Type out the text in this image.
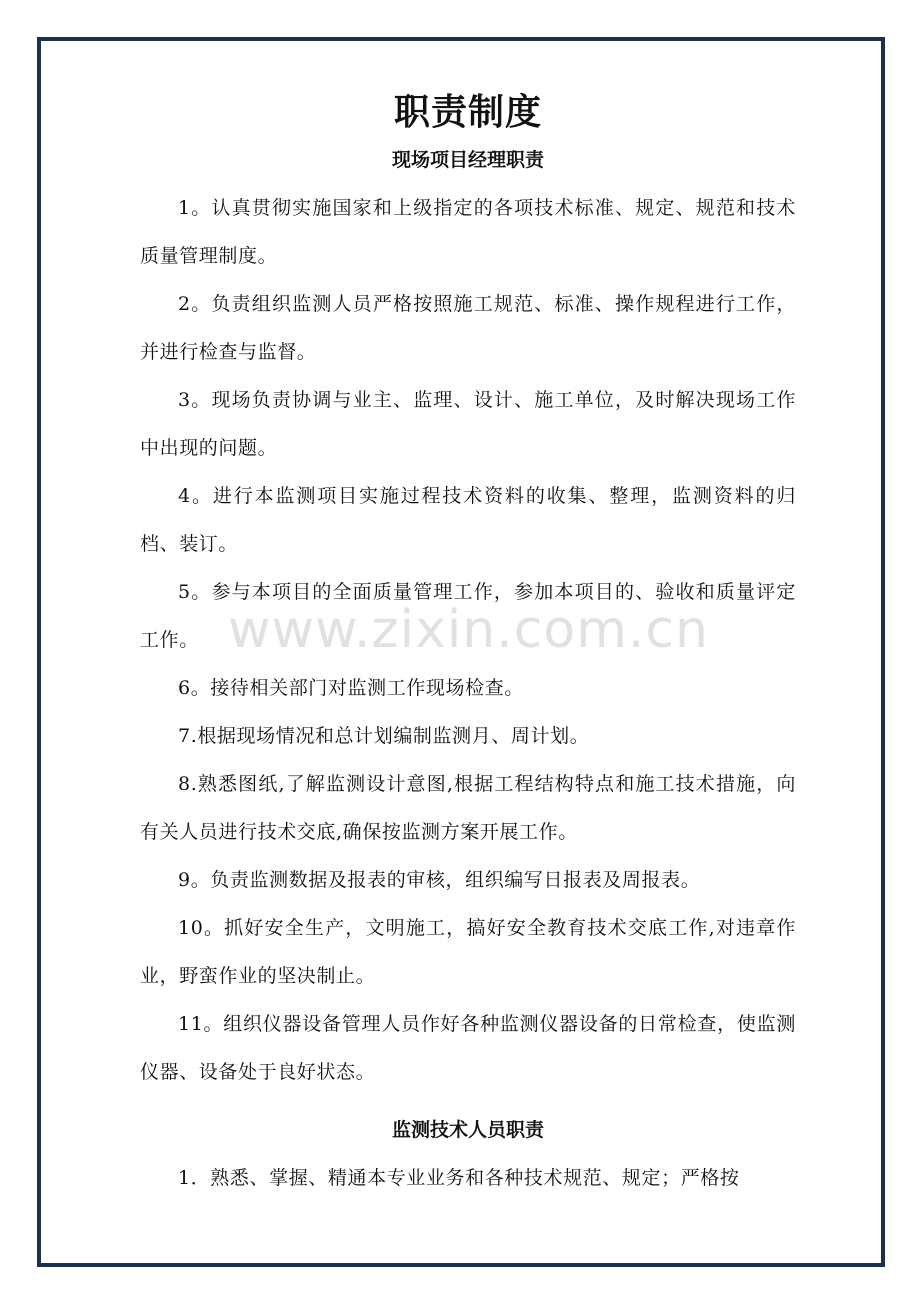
职责制度
现场项目经理职责

1。认真贯彻实施国家和上级指定的各项技术标准、规定、规范和技术质量管理制度。

2。负责组织监测人员严格按照施工规范、标准、操作规程进行工作，并进行检查与监督。

3。现场负责协调与业主、监理、设计、施工单位，及时解决现场工作中出现的问题。

4。进行本监测项目实施过程技术资料的收集、整理，监测资料的归档、装订。

5。参与本项目的全面质量管理工作，参加本项目的、验收和质量评定工作。

6。接待相关部门对监测工作现场检查。

7.根据现场情况和总计划编制监测月、周计划。

8.熟悉图纸,了解监测设计意图,根据工程结构特点和施工技术措施，向有关人员进行技术交底,确保按监测方案开展工作。

9。负责监测数据及报表的审核，组织编写日报表及周报表。

10。抓好安全生产，文明施工，搞好安全教育技术交底工作,对违章作业，野蛮作业的坚决制止。

11。组织仪器设备管理人员作好各种监测仪器设备的日常检查，使监测仪器、设备处于良好状态。

监测技术人员职责

1．熟悉、掌握、精通本专业业务和各种技术规范、规定；严格按

www.zixin.com.cn
